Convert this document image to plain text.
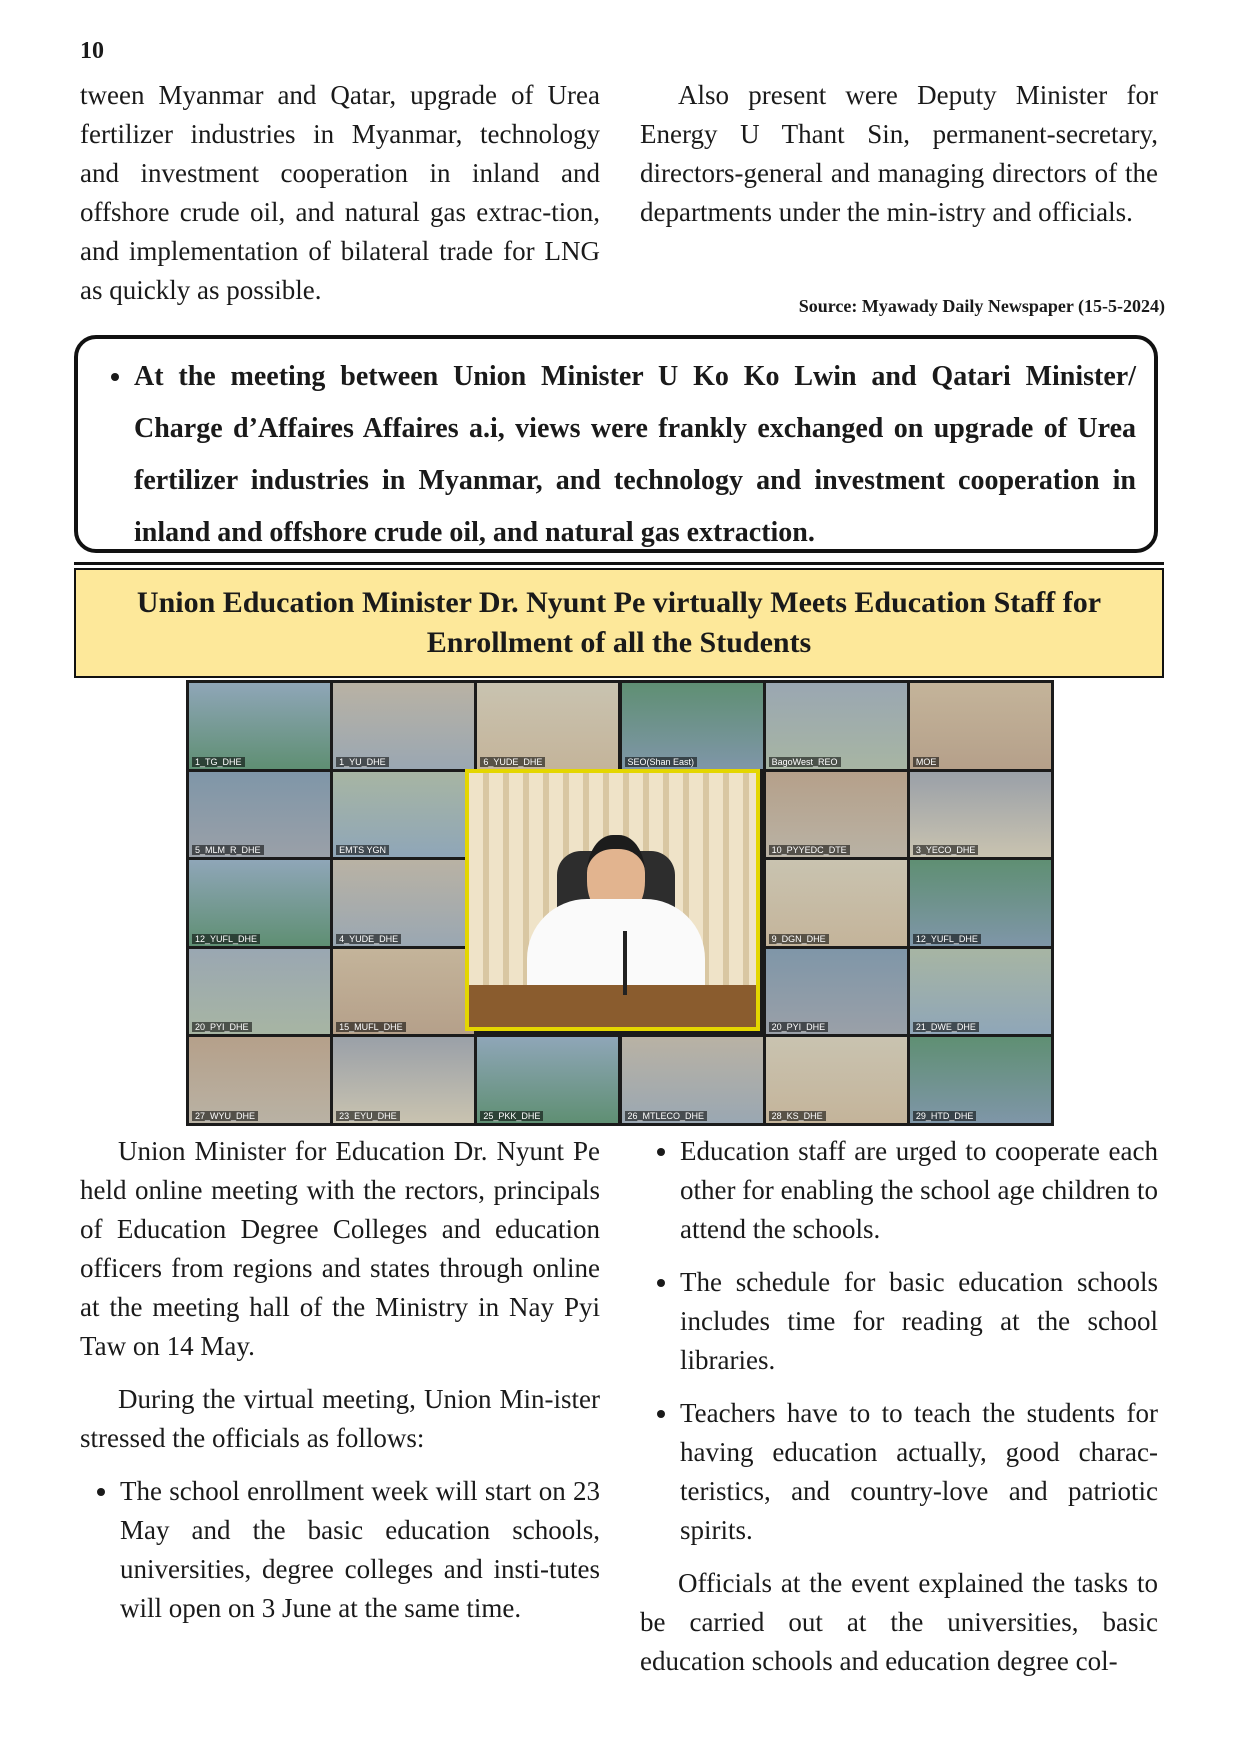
10

tween Myanmar and Qatar, upgrade of Urea fertilizer industries in Myanmar, technology and investment cooperation in inland and offshore crude oil, and natural gas extrac-tion, and implementation of bilateral trade for LNG as quickly as possible.

Also present were Deputy Minister for Energy U Thant Sin, permanent-secretary, directors-general and managing directors of the departments under the min-istry and officials.

Source: Myawady Daily Newspaper (15-5-2024)
• At the meeting between Union Minister U Ko Ko Lwin and Qatari Minister/ Charge d’Affaires Affaires a.i, views were frankly exchanged on upgrade of Urea fertilizer industries in Myanmar, and technology and investment cooperation in inland and offshore crude oil, and natural gas extraction.
Union Education Minister Dr. Nyunt Pe virtually Meets Education Staff for Enrollment of all the Students
1_TG_DHE	1_YU_DHE	6_YUDE_DHE	SEO(Shan East)	BagoWest_REO	MOE
5_MLM_R_DHE	EMTS YGN	10_PYYEDC_DTE	3_YECO_DHE
12_YUFL_DHE	4_YUDE_DHE	9_DGN_DHE	12_YUFL_DHE
20_PYI_DHE	15_MUFL_DHE	20_PYI_DHE	21_DWE_DHE
27_WYU_DHE	23_EYU_DHE	25_PKK_DHE	26_MTLECO_DHE	28_KS_DHE	29_HTD_DHE

Union Minister for Education Dr. Nyunt Pe held online meeting with the rectors, principals of Education Degree Colleges and education officers from regions and states through online at the meeting hall of the Ministry in Nay Pyi Taw on 14 May.

During the virtual meeting, Union Min-ister stressed the officials as follows:

• The school enrollment week will start on 23 May and the basic education schools, universities, degree colleges and insti-tutes will open on 3 June at the same time.
• Education staff are urged to cooperate each other for enabling the school age children to attend the schools.
• The schedule for basic education schools includes time for reading at the school libraries.
• Teachers have to to teach the students for having education actually, good charac-teristics, and country-love and patriotic spirits.

Officials at the event explained the tasks to be carried out at the universities, basic education schools and education degree col-
